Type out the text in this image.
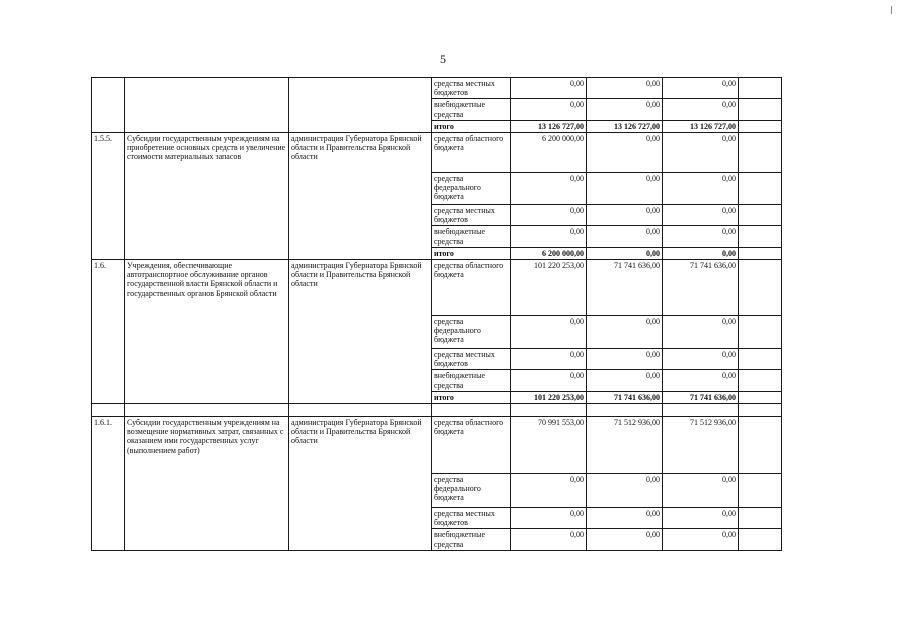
5
			средства местных бюджетов	0,00	0,00	0,00	
			внебюджетные средства	0,00	0,00	0,00	
			итого	13 126 727,00	13 126 727,00	13 126 727,00	
1.5.5.	Субсидии государственным учреждениям на приобретение основных средств и увеличение стоимости материальных запасов	администрация Губернатора Брянской области и Правительства Брянской области	средства областного бюджета	6 200 000,00	0,00	0,00	
			средства федерального бюджета	0,00	0,00	0,00	
			средства местных бюджетов	0,00	0,00	0,00	
			внебюджетные средства	0,00	0,00	0,00	
			итого	6 200 000,00	0,00	0,00	
1.6.	Учреждения, обеспечивающие автотранспортное обслуживание органов государственной власти Брянской области и государственных органов Брянской области	администрация Губернатора Брянской области и Правительства Брянской области	средства областного бюджета	101 220 253,00	71 741 636,00	71 741 636,00	
			средства федерального бюджета	0,00	0,00	0,00	
			средства местных бюджетов	0,00	0,00	0,00	
			внебюджетные средства	0,00	0,00	0,00	
			итого	101 220 253,00	71 741 636,00	71 741 636,00	

1.6.1.	Субсидии государственным учреждениям на возмещение нормативных затрат, связанных с оказанием ими государственных услуг (выполнением работ)	администрация Губернатора Брянской области и Правительства Брянской области	средства областного бюджета	70 991 553,00	71 512 936,00	71 512 936,00	
			средства федерального бюджета	0,00	0,00	0,00	
			средства местных бюджетов	0,00	0,00	0,00	
			внебюджетные средства	0,00	0,00	0,00	
